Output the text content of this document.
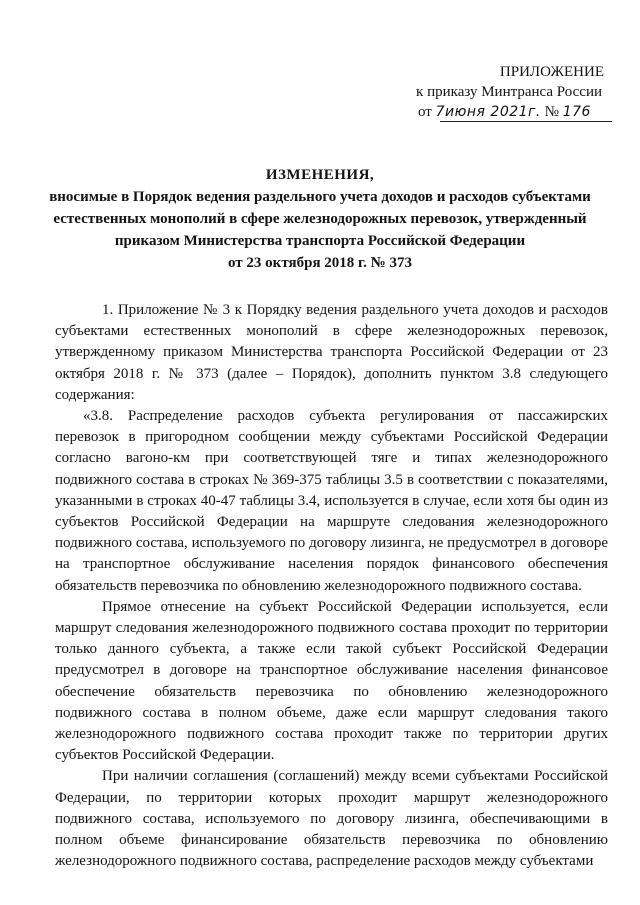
ПРИЛОЖЕНИЕ
к приказу Минтранса России
от 7июня 2021г. № 176
ИЗМЕНЕНИЯ,
вносимые в Порядок ведения раздельного учета доходов и расходов субъектами
естественных монополий в сфере железнодорожных перевозок, утвержденный
приказом Министерства транспорта Российской Федерации
от 23 октября 2018 г. № 373

1. Приложение № 3 к Порядку ведения раздельного учета доходов и расходов субъектами естественных монополий в сфере железнодорожных перевозок, утвержденному приказом Министерства транспорта Российской Федерации от 23 октября 2018 г. № 373 (далее – Порядок), дополнить пунктом 3.8 следующего содержания:

«3.8. Распределение расходов субъекта регулирования от пассажирских перевозок в пригородном сообщении между субъектами Российской Федерации согласно вагоно-км при соответствующей тяге и типах железнодорожного подвижного состава в строках № 369-375 таблицы 3.5 в соответствии с показателями, указанными в строках 40-47 таблицы 3.4, используется в случае, если хотя бы один из субъектов Российской Федерации на маршруте следования железнодорожного подвижного состава, используемого по договору лизинга, не предусмотрел в договоре на транспортное обслуживание населения порядок финансового обеспечения обязательств перевозчика по обновлению железнодорожного подвижного состава.

Прямое отнесение на субъект Российской Федерации используется, если маршрут следования железнодорожного подвижного состава проходит по территории только данного субъекта, а также если такой субъект Российской Федерации предусмотрел в договоре на транспортное обслуживание населения финансовое обеспечение обязательств перевозчика по обновлению железнодорожного подвижного состава в полном объеме, даже если маршрут следования такого железнодорожного подвижного состава проходит также по территории других субъектов Российской Федерации.

При наличии соглашения (соглашений) между всеми субъектами Российской Федерации, по территории которых проходит маршрут железнодорожного подвижного состава, используемого по договору лизинга, обеспечивающими в полном объеме финансирование обязательств перевозчика по обновлению железнодорожного подвижного состава, распределение расходов между субъектами
